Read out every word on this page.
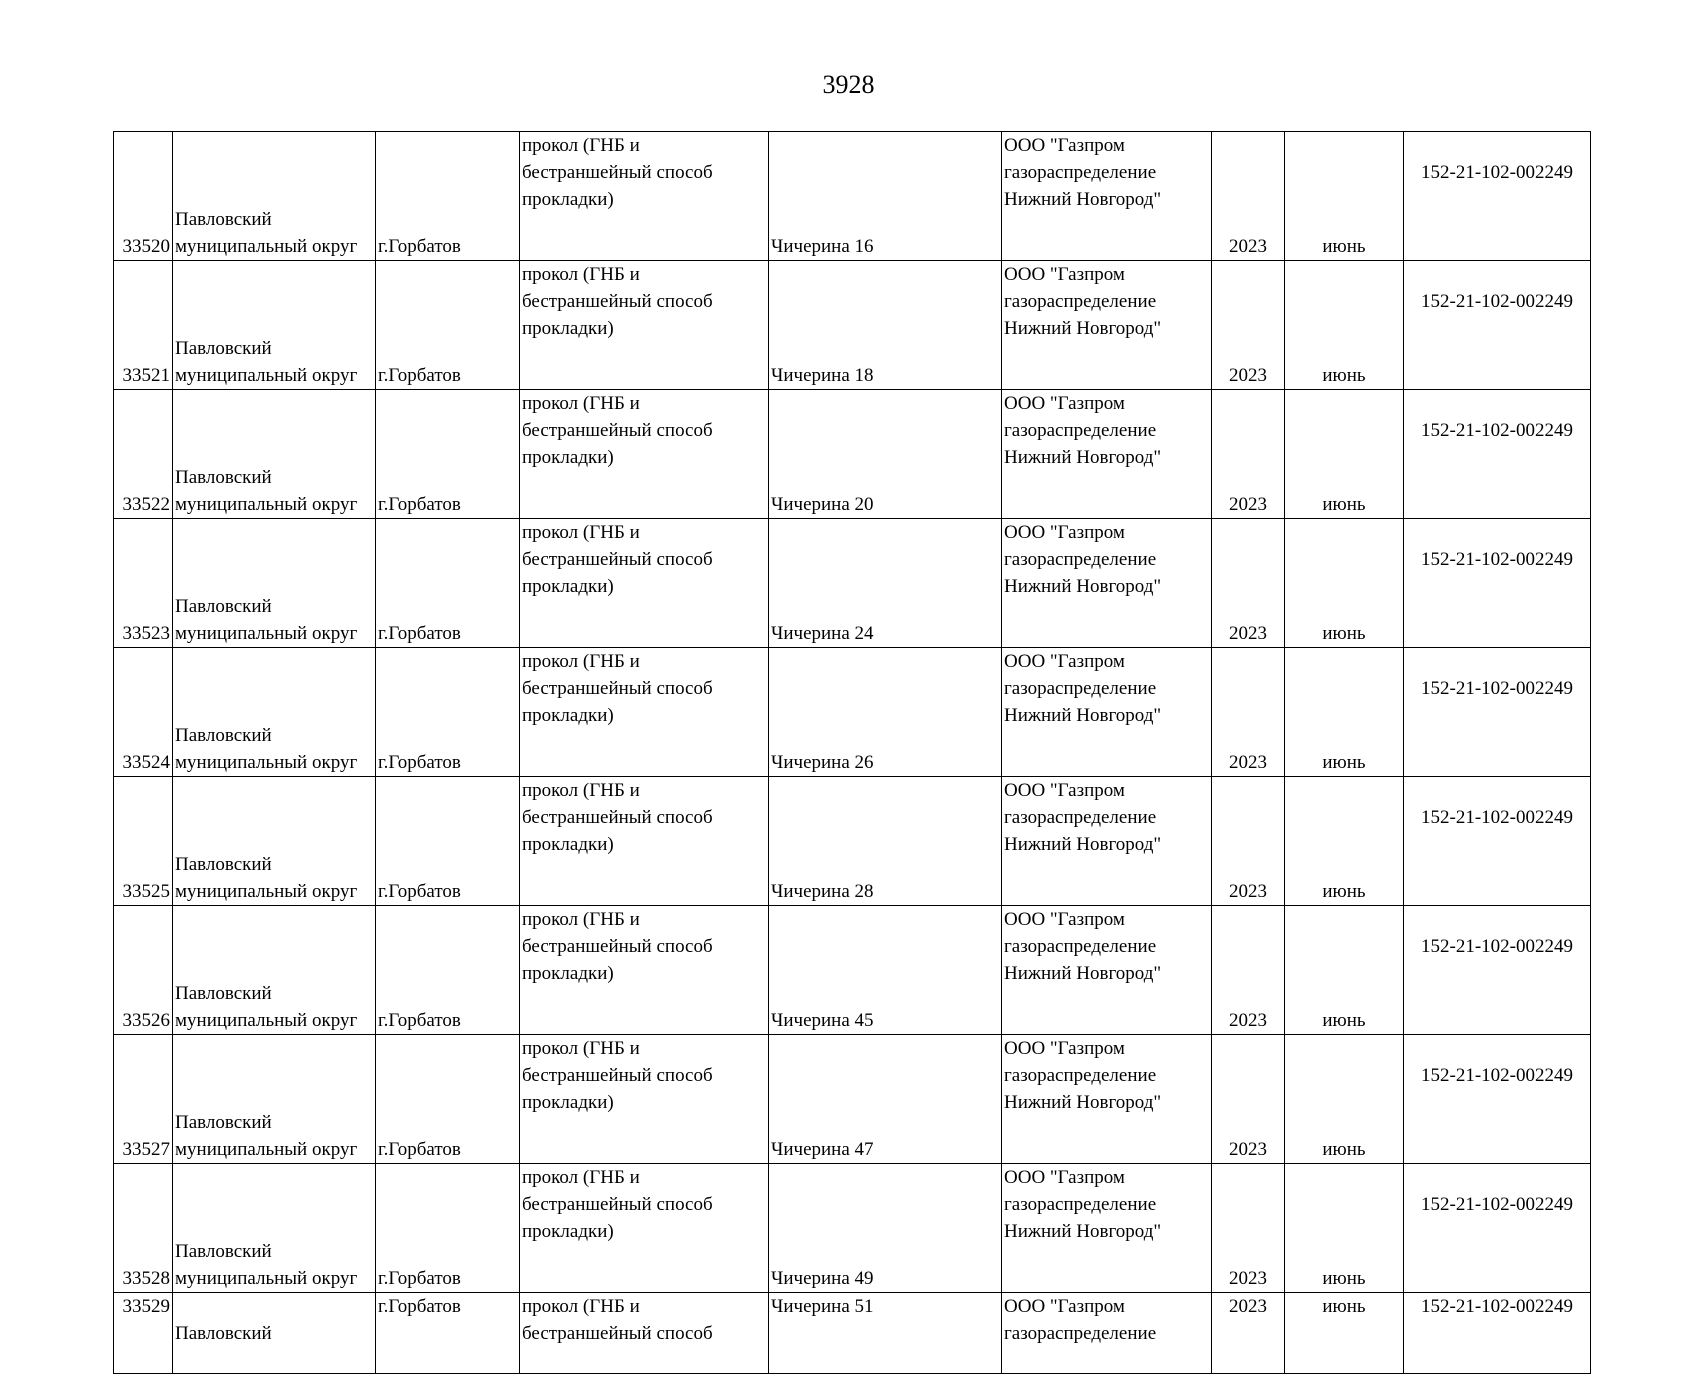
3928
33520	Павловский
муниципальный округ	г.Горбатов	прокол (ГНБ и
бестраншейный способ
прокладки)	Чичерина 16	ООО "Газпром
газораспределение
Нижний Новгород"	2023	июнь	152-21-102-002249
33521	Павловский
муниципальный округ	г.Горбатов	прокол (ГНБ и
бестраншейный способ
прокладки)	Чичерина 18	ООО "Газпром
газораспределение
Нижний Новгород"	2023	июнь	152-21-102-002249
33522	Павловский
муниципальный округ	г.Горбатов	прокол (ГНБ и
бестраншейный способ
прокладки)	Чичерина 20	ООО "Газпром
газораспределение
Нижний Новгород"	2023	июнь	152-21-102-002249
33523	Павловский
муниципальный округ	г.Горбатов	прокол (ГНБ и
бестраншейный способ
прокладки)	Чичерина 24	ООО "Газпром
газораспределение
Нижний Новгород"	2023	июнь	152-21-102-002249
33524	Павловский
муниципальный округ	г.Горбатов	прокол (ГНБ и
бестраншейный способ
прокладки)	Чичерина 26	ООО "Газпром
газораспределение
Нижний Новгород"	2023	июнь	152-21-102-002249
33525	Павловский
муниципальный округ	г.Горбатов	прокол (ГНБ и
бестраншейный способ
прокладки)	Чичерина 28	ООО "Газпром
газораспределение
Нижний Новгород"	2023	июнь	152-21-102-002249
33526	Павловский
муниципальный округ	г.Горбатов	прокол (ГНБ и
бестраншейный способ
прокладки)	Чичерина 45	ООО "Газпром
газораспределение
Нижний Новгород"	2023	июнь	152-21-102-002249
33527	Павловский
муниципальный округ	г.Горбатов	прокол (ГНБ и
бестраншейный способ
прокладки)	Чичерина 47	ООО "Газпром
газораспределение
Нижний Новгород"	2023	июнь	152-21-102-002249
33528	Павловский
муниципальный округ	г.Горбатов	прокол (ГНБ и
бестраншейный способ
прокладки)	Чичерина 49	ООО "Газпром
газораспределение
Нижний Новгород"	2023	июнь	152-21-102-002249
33529	Павловский	г.Горбатов	прокол (ГНБ и
бестраншейный способ	Чичерина 51	ООО "Газпром
газораспределение	2023	июнь	152-21-102-002249
